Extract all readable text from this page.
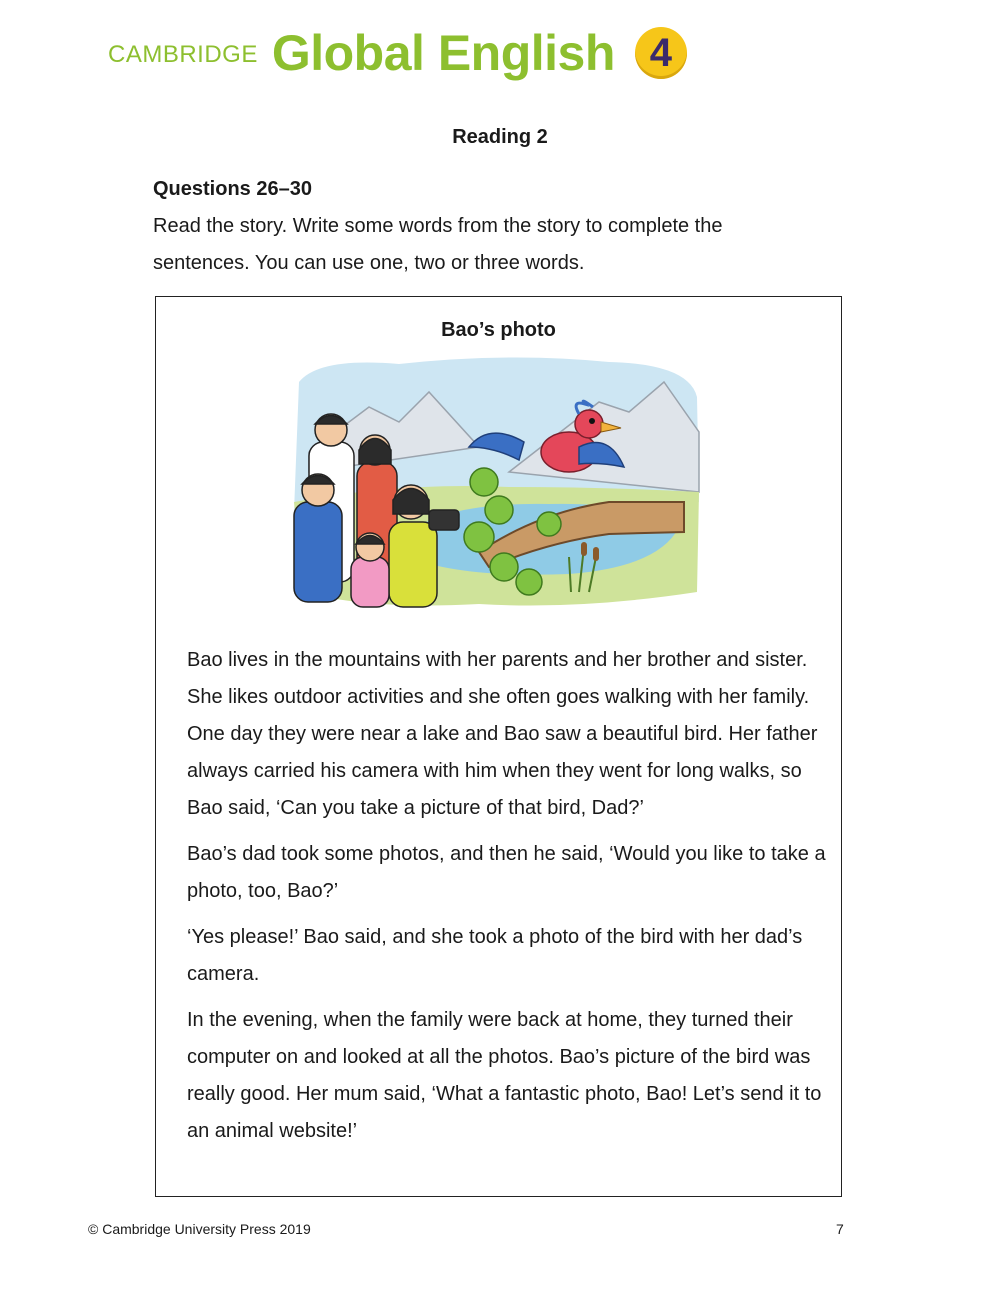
CAMBRIDGE Global English 4
Reading 2
Questions 26–30
Read the story. Write some words from the story to complete the sentences. You can use one, two or three words.
Bao’s photo

Bao lives in the mountains with her parents and her brother and sister. She likes outdoor activities and she often goes walking with her family. One day they were near a lake and Bao saw a beautiful bird. Her father always carried his camera with him when they went for long walks, so Bao said, ‘Can you take a picture of that bird, Dad?’

Bao’s dad took some photos, and then he said, ‘Would you like to take a photo, too, Bao?’

‘Yes please!’ Bao said, and she took a photo of the bird with her dad’s camera.

In the evening, when the family were back at home, they turned their computer on and looked at all the photos. Bao’s picture of the bird was really good. Her mum said, ‘What a fantastic photo, Bao! Let’s send it to an animal website!’

© Cambridge University Press 2019	7
